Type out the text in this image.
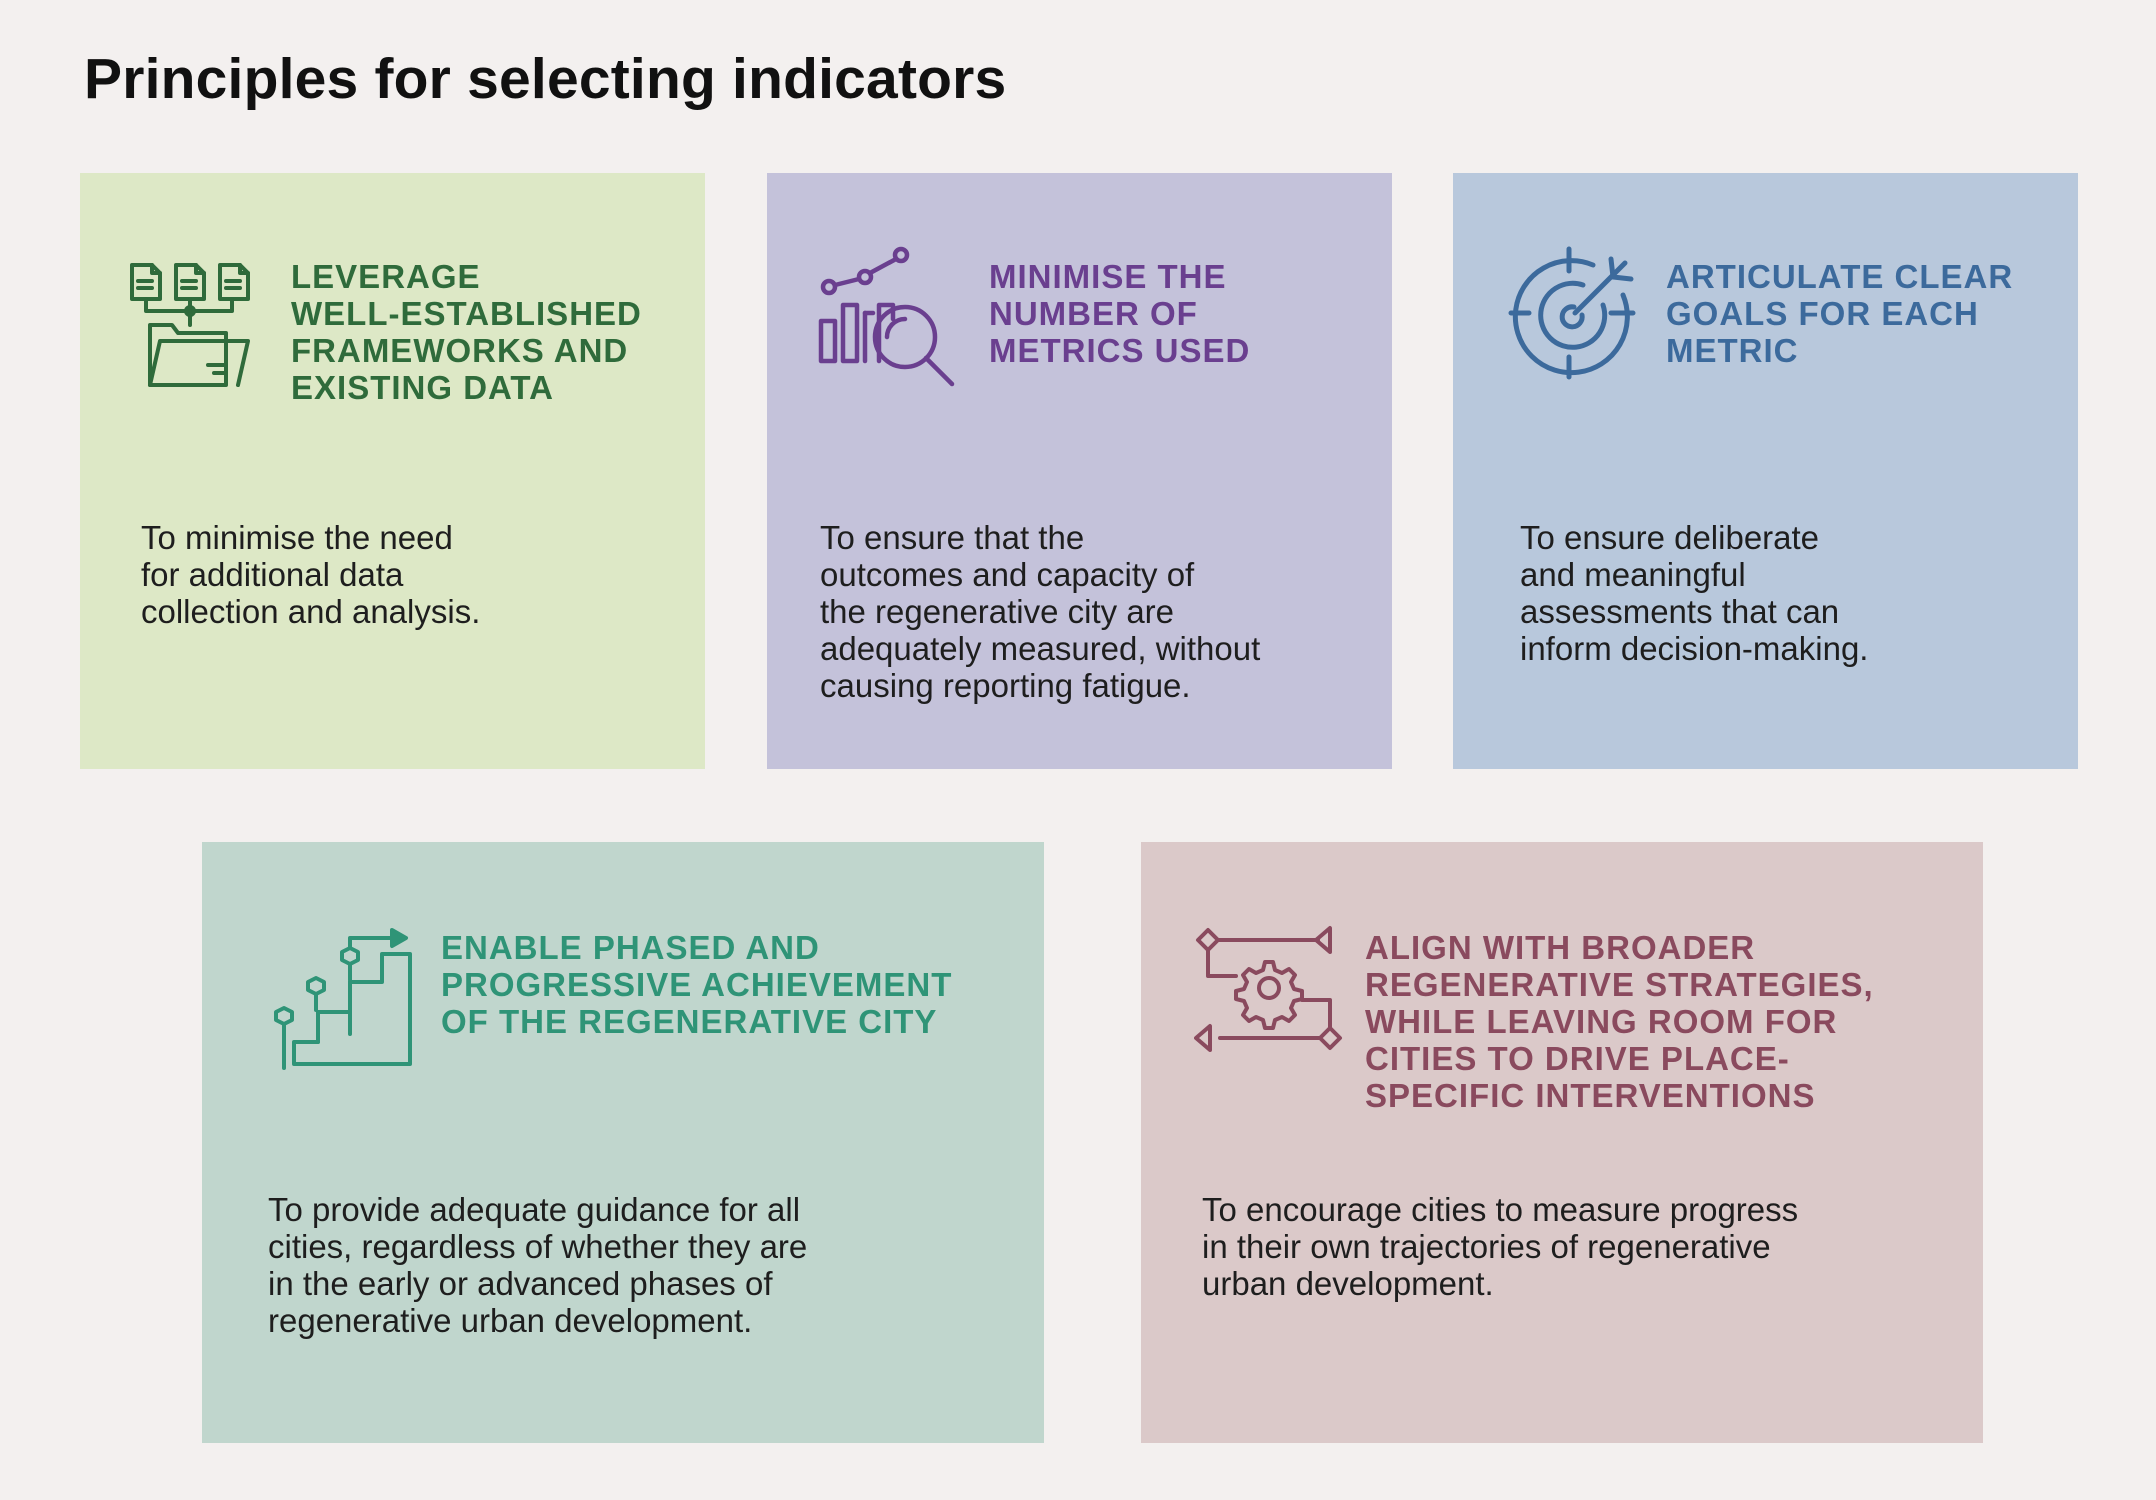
Principles for selecting indicators
LEVERAGE
WELL-ESTABLISHED
FRAMEWORKS AND
EXISTING DATA

To minimise the need
for additional data
collection and analysis.

MINIMISE THE
NUMBER OF
METRICS USED

To ensure that the
outcomes and capacity of
the regenerative city are
adequately measured, without
causing reporting fatigue.

ARTICULATE CLEAR
GOALS FOR EACH
METRIC

To ensure deliberate
and meaningful
assessments that can
inform decision-making.

ENABLE PHASED AND
PROGRESSIVE ACHIEVEMENT
OF THE REGENERATIVE CITY

To provide adequate guidance for all
cities, regardless of whether they are
in the early or advanced phases of
regenerative urban development.

ALIGN WITH BROADER
REGENERATIVE STRATEGIES,
WHILE LEAVING ROOM FOR
CITIES TO DRIVE PLACE-
SPECIFIC INTERVENTIONS

To encourage cities to measure progress
in their own trajectories of regenerative
urban development.
